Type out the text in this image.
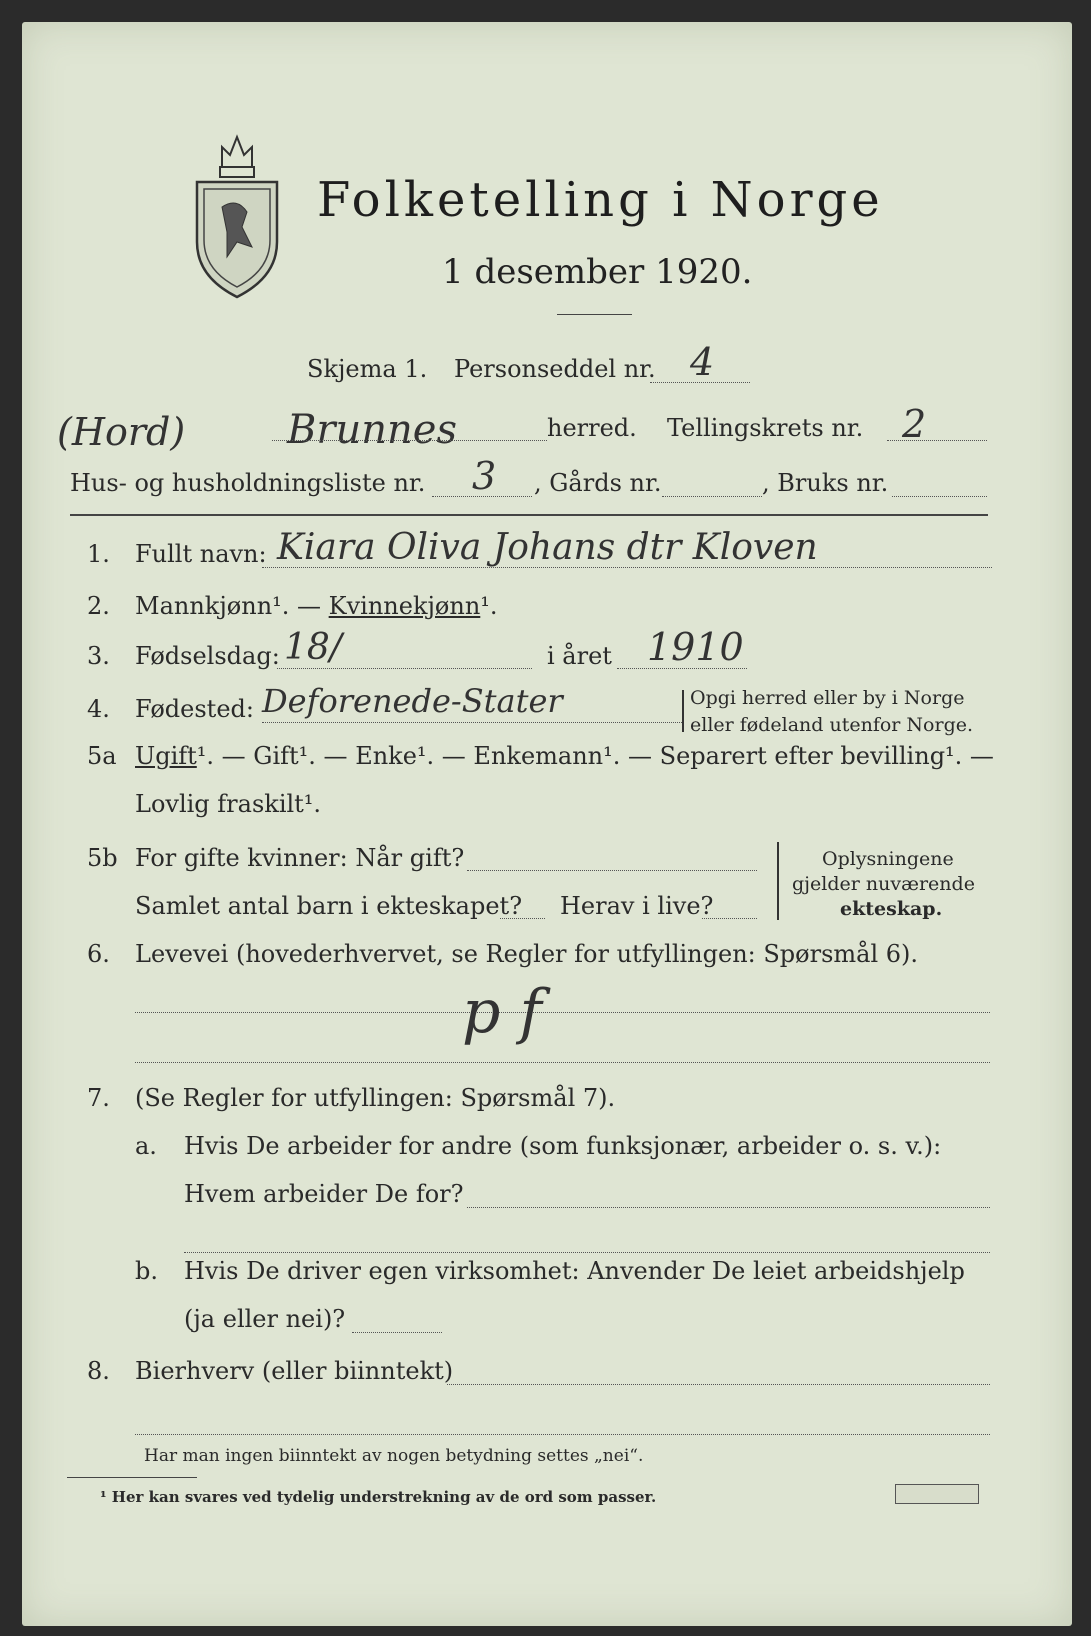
Folketelling i Norge
1 desember 1920.
Skjema 1. Personseddel nr. 4
(Hord)	Brunnes	herred. Tellingskrets nr. 2
Hus- og husholdningsliste nr. 3 , Gårds nr.	, Bruks nr.
1. Fullt navn: Kiara Oliva Johans dtr Kloven
2. Mannkjønn¹. — Kvinnekjønn¹.
3. Fødselsdag: 18/	i året 1910
4. Fødested: Deforenede-Stater	Opgi herred eller by i Norge
eller fødeland utenfor Norge.
5a Ugift¹. — Gift¹. — Enke¹. — Enkemann¹. — Separert efter bevilling¹. —
Lovlig fraskilt¹.
5b For gifte kvinner: Når gift?
Samlet antal barn i ekteskapet? Herav i live?
Oplysningene
gjelder nuværende
ekteskap.
6. Levevei (hovederhvervet, se Regler for utfyllingen: Spørsmål 6).
p f
7. (Se Regler for utfyllingen: Spørsmål 7).
a. Hvis De arbeider for andre (som funksjonær, arbeider o. s. v.):
Hvem arbeider De for?
b. Hvis De driver egen virksomhet: Anvender De leiet arbeidshjelp
(ja eller nei)?
8. Bierhverv (eller biinntekt)
Har man ingen biinntekt av nogen betydning settes „nei“.
¹ Her kan svares ved tydelig understrekning av de ord som passer.
